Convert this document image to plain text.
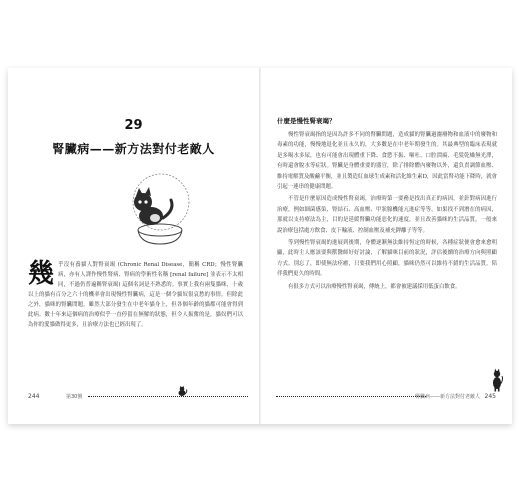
29
腎臟病——新方法對付老敵人
幾 乎沒有養貓人對腎衰竭 (Chronic Renal Disease，簡稱 CRD；慢性腎臟病，亦有人譯作慢性腎病、腎病的學術性名稱 [renal failure] 並表示不太相同，不過仍普遍稱腎衰竭) 這個名詞是不熟悉的。事實上我有兩隻貓咪，十歲以上的貓有百分之六十的機率會出現慢性腎臟病，這是一個令貓奴很哀愁的事情。但除此之外，貓咪的腎臟問題，雖然大部分發生在中老年貓身上，但各個年齡的貓都可能會得到此病。數十年來這個病的治療似乎一直停留在無解的狀態，但令人振奮的是，貓奴們可以為你的愛貓做得更多，且治療方法也已經出現了。

244	第30號
什麼是慢性腎衰竭？

慢性腎衰竭指的是因為許多不同的腎臟問題，造成貓的腎臟過濾廢物和血液中的廢物和毒素的功能，慢慢地退化並且永久的，大多數是在中老年期發生的。其最典型的臨床表現就是多喝水多尿，也有可能會出現體重下降、食慾不振、嘔吐、口腔潰瘍、毛髮乾燥無光澤，有時還會脫水等症狀。腎臟是身體重要的器官，除了排除體內廢物以外，還負責調節血壓、維持電解質及酸鹼平衡，並且製造紅血球生成素和活化維生素D，因此當腎功能下降時，就會引起一連串的健康問題。

不管是什麼原因造成慢性腎衰竭，治療時第一要務是找出真正的病因，並針對病因進行治療，例如細菌感染、腎結石、高血壓、甲狀腺機能亢進症等等，如果找不到潛在的病因，那就以支持療法為主，目的是延緩腎臟功能惡化的速度，並且改善貓咪的生活品質，一般來說治療包括處方飲食、皮下輸液、控制血壓及補充鉀離子等等。

等到慢性腎衰竭的進展到後期，身體逐漸無法維持恆定的時候，各種症狀便會愈來愈明顯，此時主人應該要與獸醫師好好討論，了解貓咪目前的狀況，評估後續的治療方向與照顧方式。別忘了，即使無法痊癒，只要我們用心照顧，貓咪仍然可以維持不錯的生活品質，陪伴我們更久的時間。

有很多方式可以治療慢性腎衰竭，傳統上，都會被建議採用低蛋白飲食。

腎臟病——新方法對付老敵人 245
